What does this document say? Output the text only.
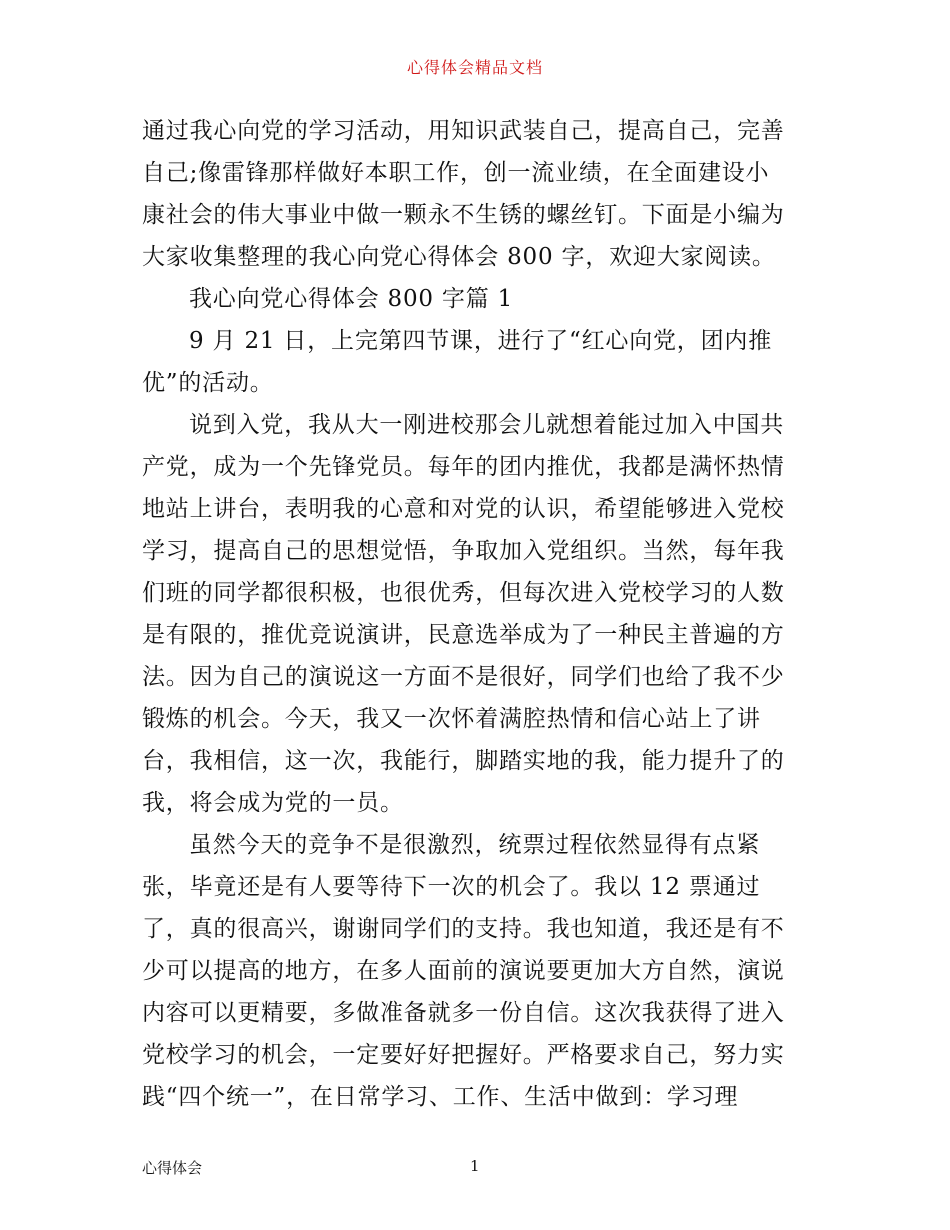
心得体会精品文档
通过我心向党的学习活动，用知识武装自己，提高自己，完善
自己;像雷锋那样做好本职工作，创一流业绩，在全面建设小
康社会的伟大事业中做一颗永不生锈的螺丝钉。下面是小编为
大家收集整理的我心向党心得体会 800 字，欢迎大家阅读。
我心向党心得体会 800 字篇 1
9 月 21 日，上完第四节课，进行了“红心向党，团内推
优”的活动。
说到入党，我从大一刚进校那会儿就想着能过加入中国共
产党，成为一个先锋党员。每年的团内推优，我都是满怀热情
地站上讲台，表明我的心意和对党的认识，希望能够进入党校
学习，提高自己的思想觉悟，争取加入党组织。当然，每年我
们班的同学都很积极，也很优秀，但每次进入党校学习的人数
是有限的，推优竞说演讲，民意选举成为了一种民主普遍的方
法。因为自己的演说这一方面不是很好，同学们也给了我不少
锻炼的机会。今天，我又一次怀着满腔热情和信心站上了讲
台，我相信，这一次，我能行，脚踏实地的我，能力提升了的
我，将会成为党的一员。
虽然今天的竞争不是很激烈，统票过程依然显得有点紧
张，毕竟还是有人要等待下一次的机会了。我以 12 票通过
了，真的很高兴，谢谢同学们的支持。我也知道，我还是有不
少可以提高的地方，在多人面前的演说要更加大方自然，演说
内容可以更精要，多做准备就多一份自信。这次我获得了进入
党校学习的机会，一定要好好把握好。严格要求自己，努力实
践“四个统一”，在日常学习、工作、生活中做到：学习理
心得体会	1
